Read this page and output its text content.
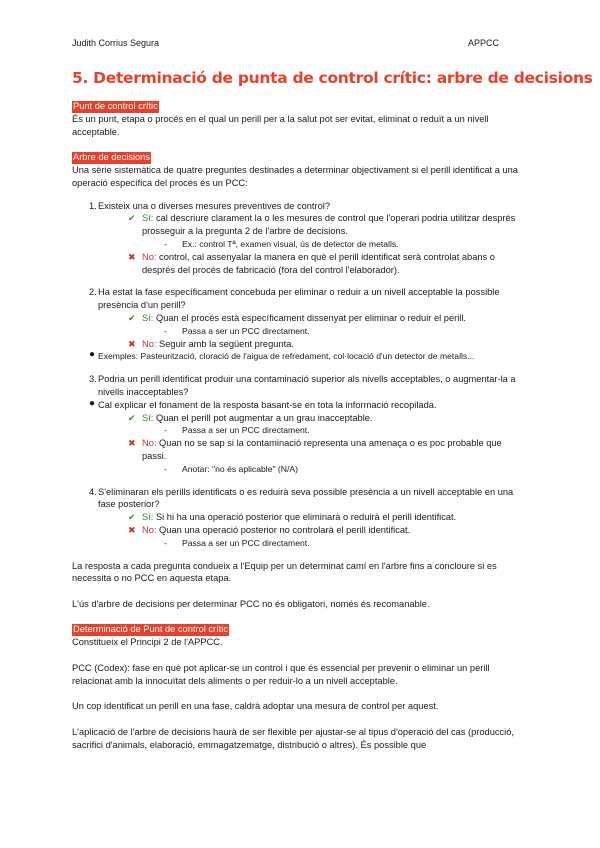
Judith Corrius Segura	APPCC
5. Determinació de punta de control crític: arbre de decisions

Punt de control crític

És un punt, etapa o procés en el qual un perill per a la salut pot ser evitat, eliminat o reduït a un nivell acceptable.

Arbre de decisions

Una sèrie sistemàtica de quatre preguntes destinades a determinar objectivament si el perill identificat a una operació específica del procés és un PCC:

1. Existeix una o diverses mesures preventives de control?
✔ Sí: cal descriure clarament la o les mesures de control que l'operari podria utilitzar després prosseguir a la pregunta 2 de l'arbre de decisions.
- Ex.: control Tª, examen visual, ús de detector de metalls.
✖ No: control, cal assenyalar la manera en què el perill identificat serà controlat abans o després del procés de fabricació (fora del control l'elaborador).
2. Ha estat la fase específicament concebuda per eliminar o reduir a un nivell acceptable la possible presència d'un perill?
✔ Sí: Quan el procés està específicament dissenyat per eliminar o reduir el perill.
- Passa a ser un PCC directament.
✖ No: Seguir amb la següent pregunta.
● Exemples: Pasteurització, cloració de l'aigua de refredament, col·locació d'un detector de metalls...
3. Podria un perill identificat produir una contaminació superior als nivells acceptables, o augmentar-la a nivells inacceptables?
● Cal explicar el fonament de la resposta basant-se en tota la informació recopilada.
✔ Sí: Quan el perill pot augmentar a un grau inacceptable.
- Passa a ser un PCC directament.
✖ No: Quan no se sap si la contaminació representa una amenaça o es poc probable que passi.
- Anotar: "no és aplicable" (N/A)
4. S'eliminaran els perills identificats o es reduirà seva possible presència a un nivell acceptable en una fase posterior?
✔ Sí: Si hi ha una operació posterior que eliminarà o reduirà el perill identificat.
✖ No: Quan una operació posterior no controlarà el perill identificat.
- Passa a ser un PCC directament.

La resposta a cada pregunta condueix a l'Equip per un determinat camí en l'arbre fins a concloure si es necessita o no PCC en aquesta etapa.

L'ús d'arbre de decisions per determinar PCC no és obligatori, només és recomanable.

Determinació de Punt de control crític

Constitueix el Principi 2 de l'APPCC.

PCC (Codex): fase en què pot aplicar-se un control i que és essencial per prevenir o eliminar un perill relacionat amb la innocuïtat dels aliments o per reduir-lo a un nivell acceptable.

Un cop identificat un perill en una fase, caldrà adoptar una mesura de control per aquest.

L'aplicació de l'arbre de decisions haurà de ser flexible per ajustar-se al tipus d'operació del cas (producció, sacrifici d'animals, elaboració, emmagatzematge, distribució o altres). És possible que
